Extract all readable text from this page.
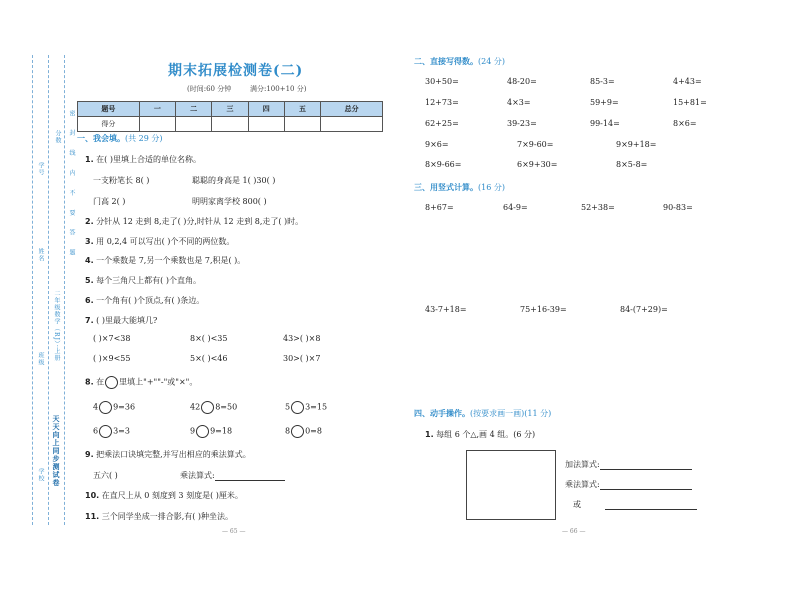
天天向上同步测试卷
二年级数学（RJ）·上册
密 封 线 内 不 要 答 题
学校
班级
姓名
学号
分数
期末拓展检测卷(二)
(时间:60 分钟	满分:100+10 分)
题号	一	二	三	四	五	总分
得分						
一、我会填。(共 29 分)
1. 在( )里填上合适的单位名称。
一支粉笔长 8( )	聪聪的身高是 1( )30( )
门高 2( )	明明家离学校 800( )
2. 分针从 12 走到 8,走了( )分,时针从 12 走到 8,走了( )时。
3. 用 0,2,4 可以写出( )个不同的两位数。
4. 一个乘数是 7,另一个乘数也是 7,积是( )。
5. 每个三角尺上都有( )个直角。
6. 一个角有( )个顶点,有( )条边。
7. ( )里最大能填几?
( )×7<38	8×( )<35	43>( )×8
( )×9<55	5×( )<46	30>( )×7
8. 在 里填上"+""-"或"×"。
4 9=36	42 8=50	5 3=15
6 3=3	9 9=18	8 0=8
9. 把乘法口诀填完整,并写出相应的乘法算式。
五六( )	乘法算式:
10. 在直尺上从 0 刻度到 3 刻度是( )厘米。
11. 三个同学坐成一排合影,有( )种坐法。
— 65 —
二、直接写得数。(24 分)
30+50=	48-20=	85-3=	4+43=
12+73=	4×3=	59+9=	15+81=
62+25=	39-23=	99-14=	8×6=
9×6=	7×9-60=	9×9+18=
8×9-66=	6×9+30=	8×5-8=
三、用竖式计算。(16 分)
8+67=	64-9=	52+38=	90-83=
43-7+18=	75+16-39=	84-(7+29)=
四、动手操作。(按要求画一画)(11 分)
1. 每组 6 个△,画 4 组。(6 分)
加法算式:
乘法算式:
或
— 66 —
